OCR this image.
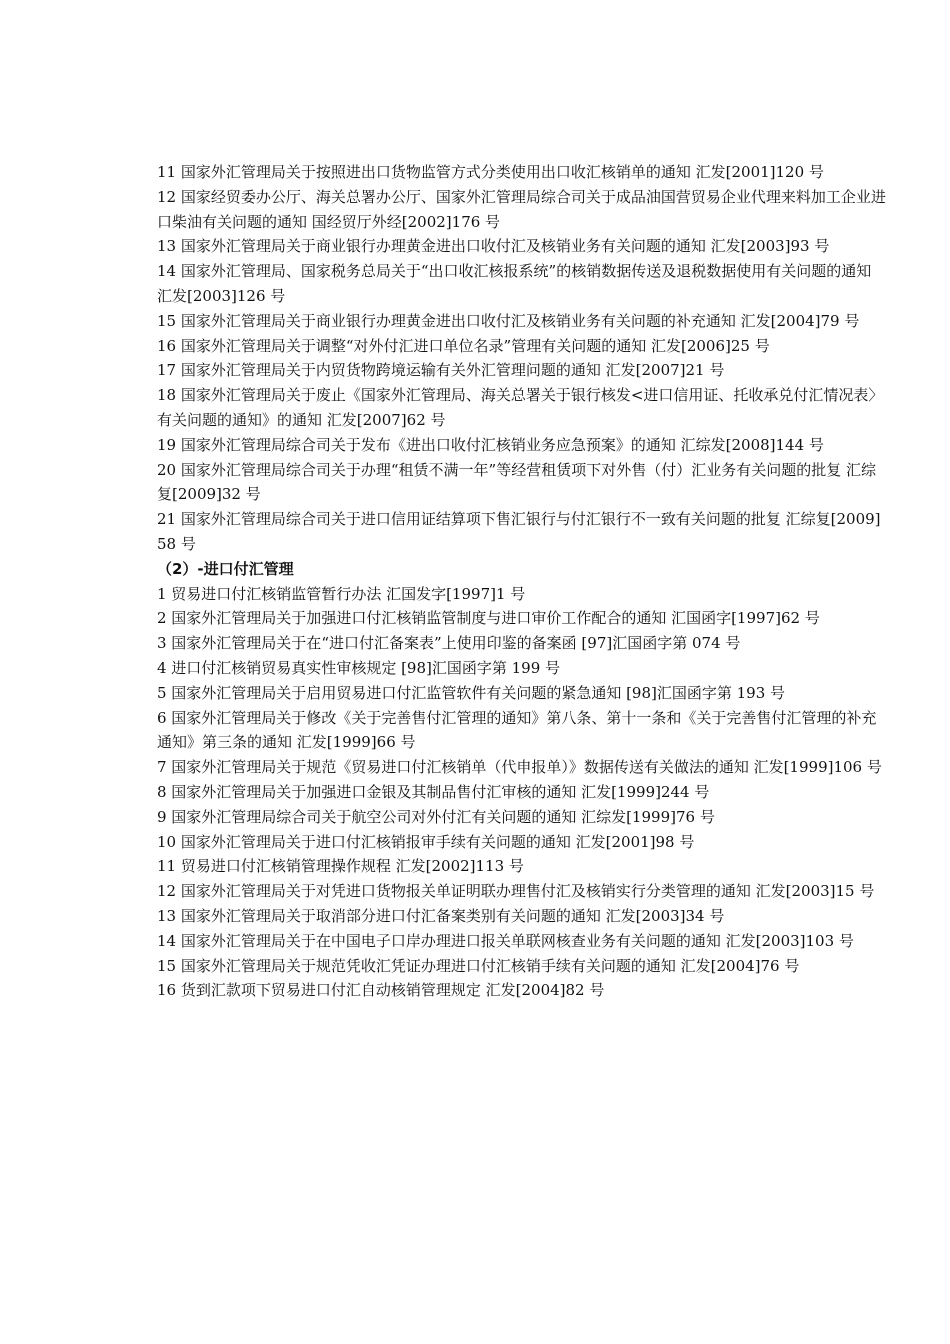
11 国家外汇管理局关于按照进出口货物监管方式分类使用出口收汇核销单的通知 汇发[2001]120 号

12 国家经贸委办公厅、海关总署办公厅、国家外汇管理局综合司关于成品油国营贸易企业代理来料加工企业进口柴油有关问题的通知 国经贸厅外经[2002]176 号

13 国家外汇管理局关于商业银行办理黄金进出口收付汇及核销业务有关问题的通知 汇发[2003]93 号

14 国家外汇管理局、国家税务总局关于“出口收汇核报系统”的核销数据传送及退税数据使用有关问题的通知 汇发[2003]126 号

15 国家外汇管理局关于商业银行办理黄金进出口收付汇及核销业务有关问题的补充通知 汇发[2004]79 号

16 国家外汇管理局关于调整“对外付汇进口单位名录”管理有关问题的通知 汇发[2006]25 号

17 国家外汇管理局关于内贸货物跨境运输有关外汇管理问题的通知 汇发[2007]21 号

18 国家外汇管理局关于废止《国家外汇管理局、海关总署关于银行核发<进口信用证、托收承兑付汇情况表〉有关问题的通知》的通知 汇发[2007]62 号

19 国家外汇管理局综合司关于发布《进出口收付汇核销业务应急预案》的通知 汇综发[2008]144 号

20 国家外汇管理局综合司关于办理“租赁不满一年”等经营租赁项下对外售（付）汇业务有关问题的批复 汇综复[2009]32 号

21 国家外汇管理局综合司关于进口信用证结算项下售汇银行与付汇银行不一致有关问题的批复 汇综复[2009]58 号

（2）-进口付汇管理

1 贸易进口付汇核销监管暂行办法 汇国发字[1997]1 号

2 国家外汇管理局关于加强进口付汇核销监管制度与进口审价工作配合的通知 汇国函字[1997]62 号

3 国家外汇管理局关于在“进口付汇备案表”上使用印鉴的备案函 [97]汇国函字第 074 号

4 进口付汇核销贸易真实性审核规定 [98]汇国函字第 199 号

5 国家外汇管理局关于启用贸易进口付汇监管软件有关问题的紧急通知 [98]汇国函字第 193 号

6 国家外汇管理局关于修改《关于完善售付汇管理的通知》第八条、第十一条和《关于完善售付汇管理的补充通知》第三条的通知 汇发[1999]66 号

7 国家外汇管理局关于规范《贸易进口付汇核销单（代申报单）》数据传送有关做法的通知 汇发[1999]106 号

8 国家外汇管理局关于加强进口金银及其制品售付汇审核的通知 汇发[1999]244 号

9 国家外汇管理局综合司关于航空公司对外付汇有关问题的通知 汇综发[1999]76 号

10 国家外汇管理局关于进口付汇核销报审手续有关问题的通知 汇发[2001]98 号

11 贸易进口付汇核销管理操作规程 汇发[2002]113 号

12 国家外汇管理局关于对凭进口货物报关单证明联办理售付汇及核销实行分类管理的通知 汇发[2003]15 号

13 国家外汇管理局关于取消部分进口付汇备案类别有关问题的通知 汇发[2003]34 号

14 国家外汇管理局关于在中国电子口岸办理进口报关单联网核查业务有关问题的通知 汇发[2003]103 号

15 国家外汇管理局关于规范凭收汇凭证办理进口付汇核销手续有关问题的通知 汇发[2004]76 号

16 货到汇款项下贸易进口付汇自动核销管理规定 汇发[2004]82 号
